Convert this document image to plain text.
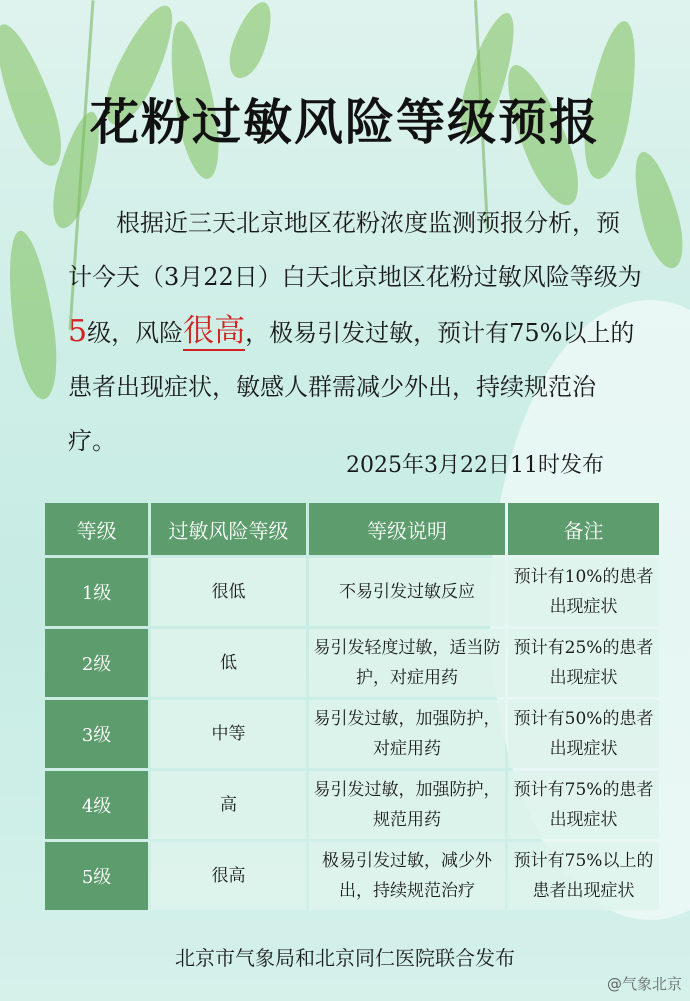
花粉过敏风险等级预报
根据近三天北京地区花粉浓度监测预报分析，预计今天（3月22日）白天北京地区花粉过敏风险等级为5级，风险很高，极易引发过敏，预计有75%以上的患者出现症状，敏感人群需减少外出，持续规范治疗。
2025年3月22日11时发布
等级	过敏风险等级	等级说明	备注
1级	很低	不易引发过敏反应	预计有10%的患者出现症状
2级	低	易引发轻度过敏，适当防护，对症用药	预计有25%的患者出现症状
3级	中等	易引发过敏，加强防护，对症用药	预计有50%的患者出现症状
4级	高	易引发过敏，加强防护，规范用药	预计有75%的患者出现症状
5级	很高	极易引发过敏，减少外出，持续规范治疗	预计有75%以上的患者出现症状
北京市气象局和北京同仁医院联合发布
@气象北京
